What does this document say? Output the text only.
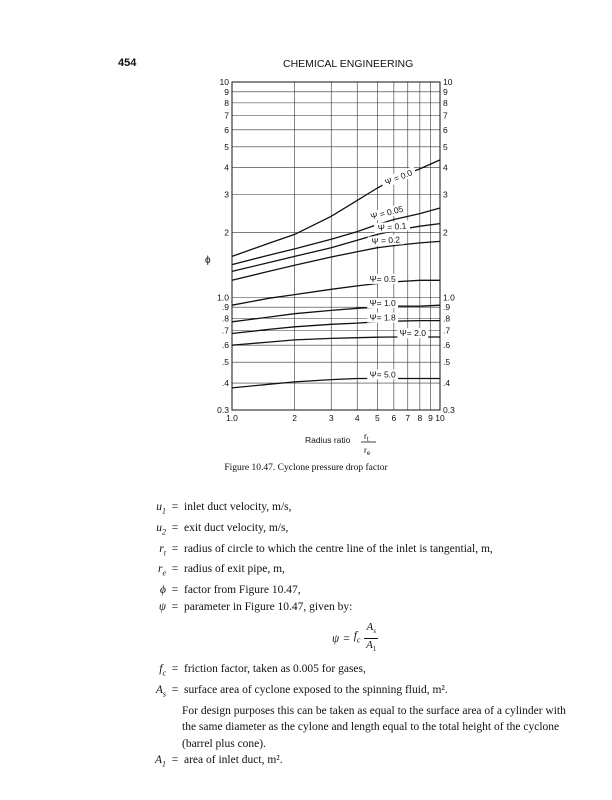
454	CHEMICAL ENGINEERING
1.0	2	3	4 5 6 7 8 9 10
0.3	0.3
.4	.4
.5	.5
.6	.6
.7	.7
.8	.8
.9	.9
1.0	1.0
2	2
3	3
4	4
5	5
6	6
7	7
8	8
9	9
10	10
Ψ = 0.0
Ψ = 0.05
Ψ = 0.1
Ψ = 0.2
Ψ= 0.5
Ψ= 1.0
Ψ= 1.8
Ψ= 2.0
Ψ= 5.0
ϕ
Radius ratio $r_t$
$r_e$
Figure 10.47. Cyclone pressure drop factor
$u_1$ = inlet duct velocity, m/s,
$u_2$ = exit duct velocity, m/s,
$r_t$ = radius of circle to which the centre line of the inlet is tangential, m,
$r_e$ = radius of exit pipe, m,
ϕ = factor from Figure 10.47,
ψ = parameter in Figure 10.47, given by:
$\psi = f_c \frac{A_s}{A_1}$
$f_c$ = friction factor, taken as 0.005 for gases,
$A_s$ = surface area of cyclone exposed to the spinning fluid, m².
For design purposes this can be taken as equal to the surface area of a cylinder with the same diameter as the cylone and length equal to the total height of the cyclone (barrel plus cone).
$A_1$ = area of inlet duct, m².
